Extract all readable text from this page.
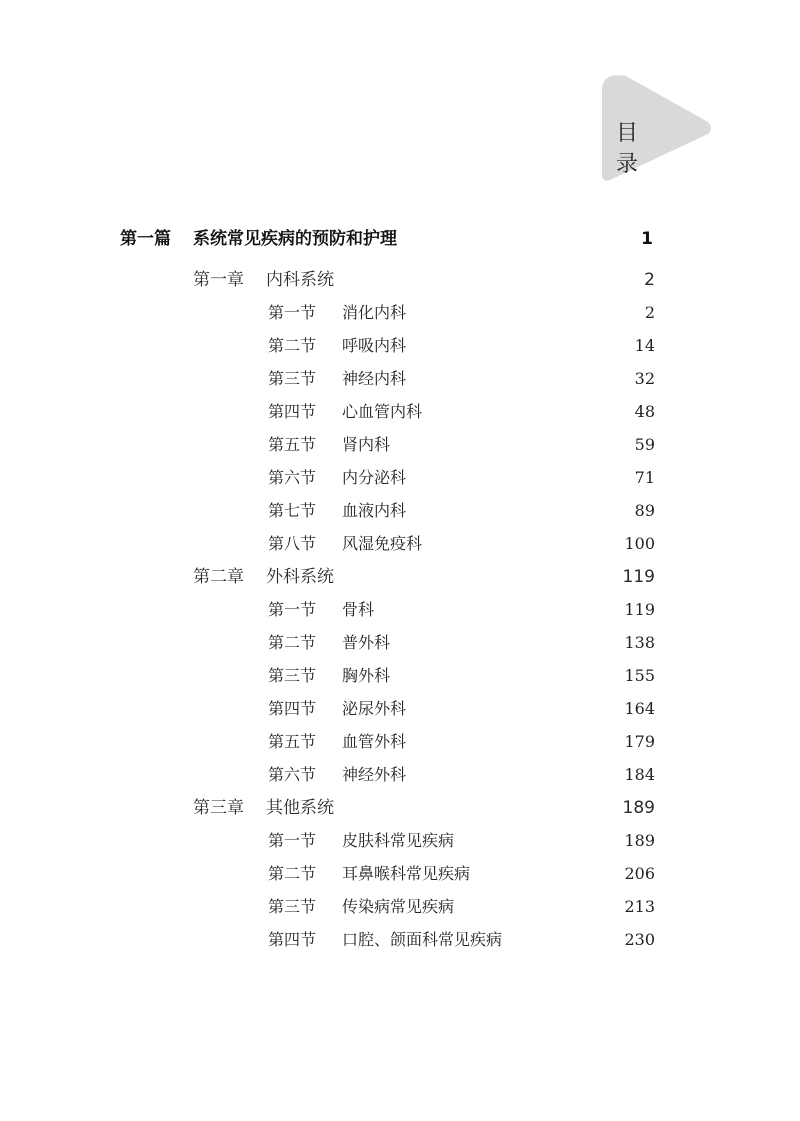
目 录
第一篇 系统常见疾病的预防和护理	1
第一章 内科系统	2
第一节 消化内科	2
第二节 呼吸内科	14
第三节 神经内科	32
第四节 心血管内科	48
第五节 肾内科	59
第六节 内分泌科	71
第七节 血液内科	89
第八节 风湿免疫科	100
第二章 外科系统	119
第一节 骨科	119
第二节 普外科	138
第三节 胸外科	155
第四节 泌尿外科	164
第五节 血管外科	179
第六节 神经外科	184
第三章 其他系统	189
第一节 皮肤科常见疾病	189
第二节 耳鼻喉科常见疾病	206
第三节 传染病常见疾病	213
第四节 口腔、颌面科常见疾病	230
